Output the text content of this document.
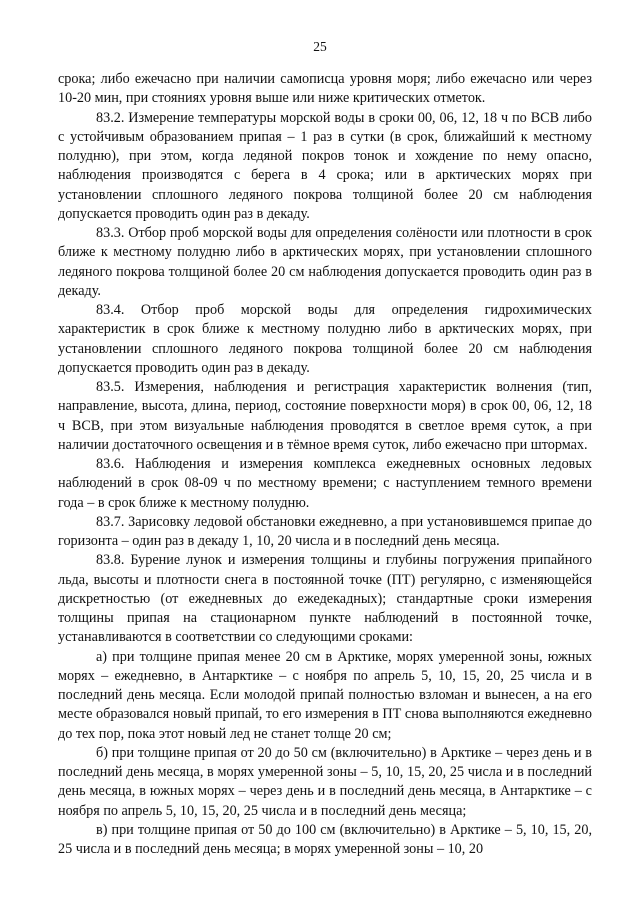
25

срока; либо ежечасно при наличии самописца уровня моря; либо ежечасно или через 10-20 мин, при стояниях уровня выше или ниже критических отметок.

83.2. Измерение температуры морской воды в сроки 00, 06, 12, 18 ч по ВСВ либо с устойчивым образованием припая – 1 раз в сутки (в срок, ближайший к местному полудню), при этом, когда ледяной покров тонок и хождение по нему опасно, наблюдения производятся с берега в 4 срока; или в арктических морях при установлении сплошного ледяного покрова толщиной более 20 см наблюдения допускается проводить один раз в декаду.

83.3. Отбор проб морской воды для определения солёности или плотности в срок ближе к местному полудню либо в арктических морях, при установлении сплошного ледяного покрова толщиной более 20 см наблюдения допускается проводить один раз в декаду.

83.4. Отбор проб морской воды для определения гидрохимических характеристик в срок ближе к местному полудню либо в арктических морях, при установлении сплошного ледяного покрова толщиной более 20 см наблюдения допускается проводить один раз в декаду.

83.5. Измерения, наблюдения и регистрация характеристик волнения (тип, направление, высота, длина, период, состояние поверхности моря) в срок 00, 06, 12, 18 ч ВСВ, при этом визуальные наблюдения проводятся в светлое время суток, а при наличии достаточного освещения и в тёмное время суток, либо ежечасно при штормах.

83.6. Наблюдения и измерения комплекса ежедневных основных ледовых наблюдений в срок 08-09 ч по местному времени; с наступлением темного времени года – в срок ближе к местному полудню.

83.7. Зарисовку ледовой обстановки ежедневно, а при установившемся припае до горизонта – один раз в декаду 1, 10, 20 числа и в последний день месяца.

83.8. Бурение лунок и измерения толщины и глубины погружения припайного льда, высоты и плотности снега в постоянной точке (ПТ) регулярно, с изменяющейся дискретностью (от ежедневных до ежедекадных); стандартные сроки измерения толщины припая на стационарном пункте наблюдений в постоянной точке, устанавливаются в соответствии со следующими сроками:

а) при толщине припая менее 20 см в Арктике, морях умеренной зоны, южных морях – ежедневно, в Антарктике – с ноября по апрель 5, 10, 15, 20, 25 числа и в последний день месяца. Если молодой припай полностью взломан и вынесен, а на его месте образовался новый припай, то его измерения в ПТ снова выполняются ежедневно до тех пор, пока этот новый лед не станет толще 20 см;

б) при толщине припая от 20 до 50 см (включительно) в Арктике – через день и в последний день месяца, в морях умеренной зоны – 5, 10, 15, 20, 25 числа и в последний день месяца, в южных морях – через день и в последний день месяца, в Антарктике – с ноября по апрель 5, 10, 15, 20, 25 числа и в последний день месяца;

в) при толщине припая от 50 до 100 см (включительно) в Арктике – 5, 10, 15, 20, 25 числа и в последний день месяца; в морях умеренной зоны – 10, 20
